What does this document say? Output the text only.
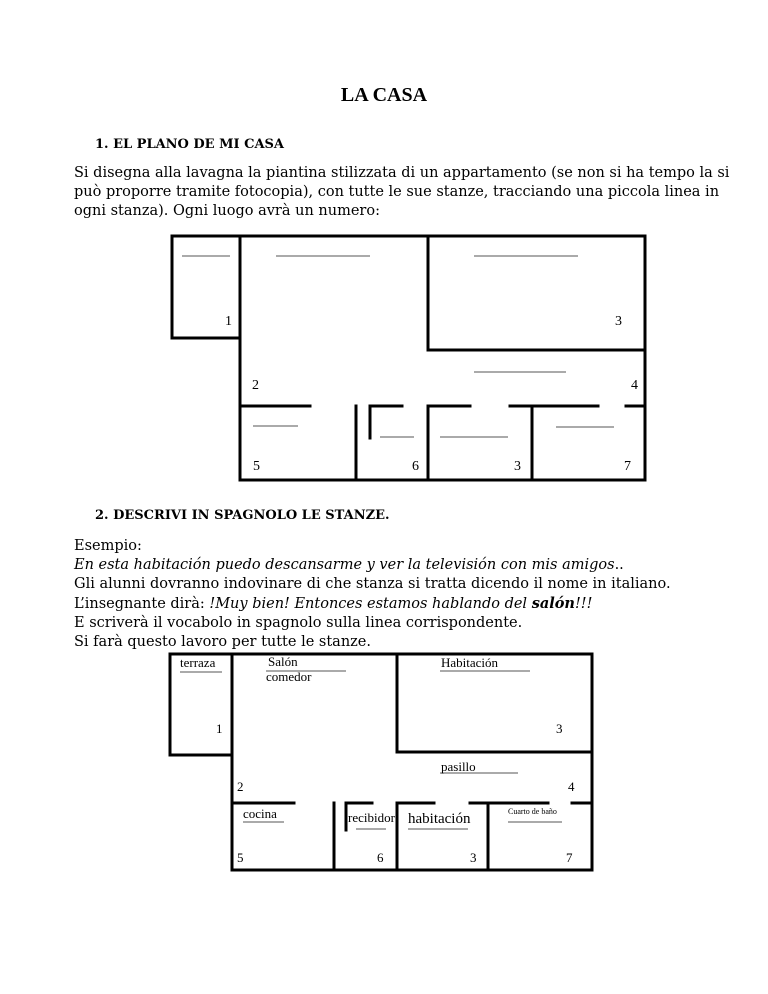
LA CASA
1. EL PLANO DE MI CASA

Si disegna alla lavagna la piantina stilizzata di un appartamento (se non si ha tempo la si

può proporre tramite fotocopia), con tutte le sue stanze, tracciando una piccola linea in

ogni stanza). Ogni luogo avrà un numero:

1	3
2	4
5	6	3	7
2. DESCRIVI IN SPAGNOLO LE STANZE.

Esempio:

En esta habitación puedo descansarme y ver la televisión con mis amigos..

Gli alunni dovranno indovinare di che stanza si tratta dicendo il nome in italiano.

L’insegnante dirà: !Muy bien! Entonces estamos hablando del salón!!!

E scriverà il vocabolo in spagnolo sulla linea corrispondente.

Si farà questo lavoro per tutte le stanze.

terraza	Salón
comedor
Habitación
pasillo
cocina	recibidor habitación	Cuarto de baño
1	3
2	4
5	6	3	7
